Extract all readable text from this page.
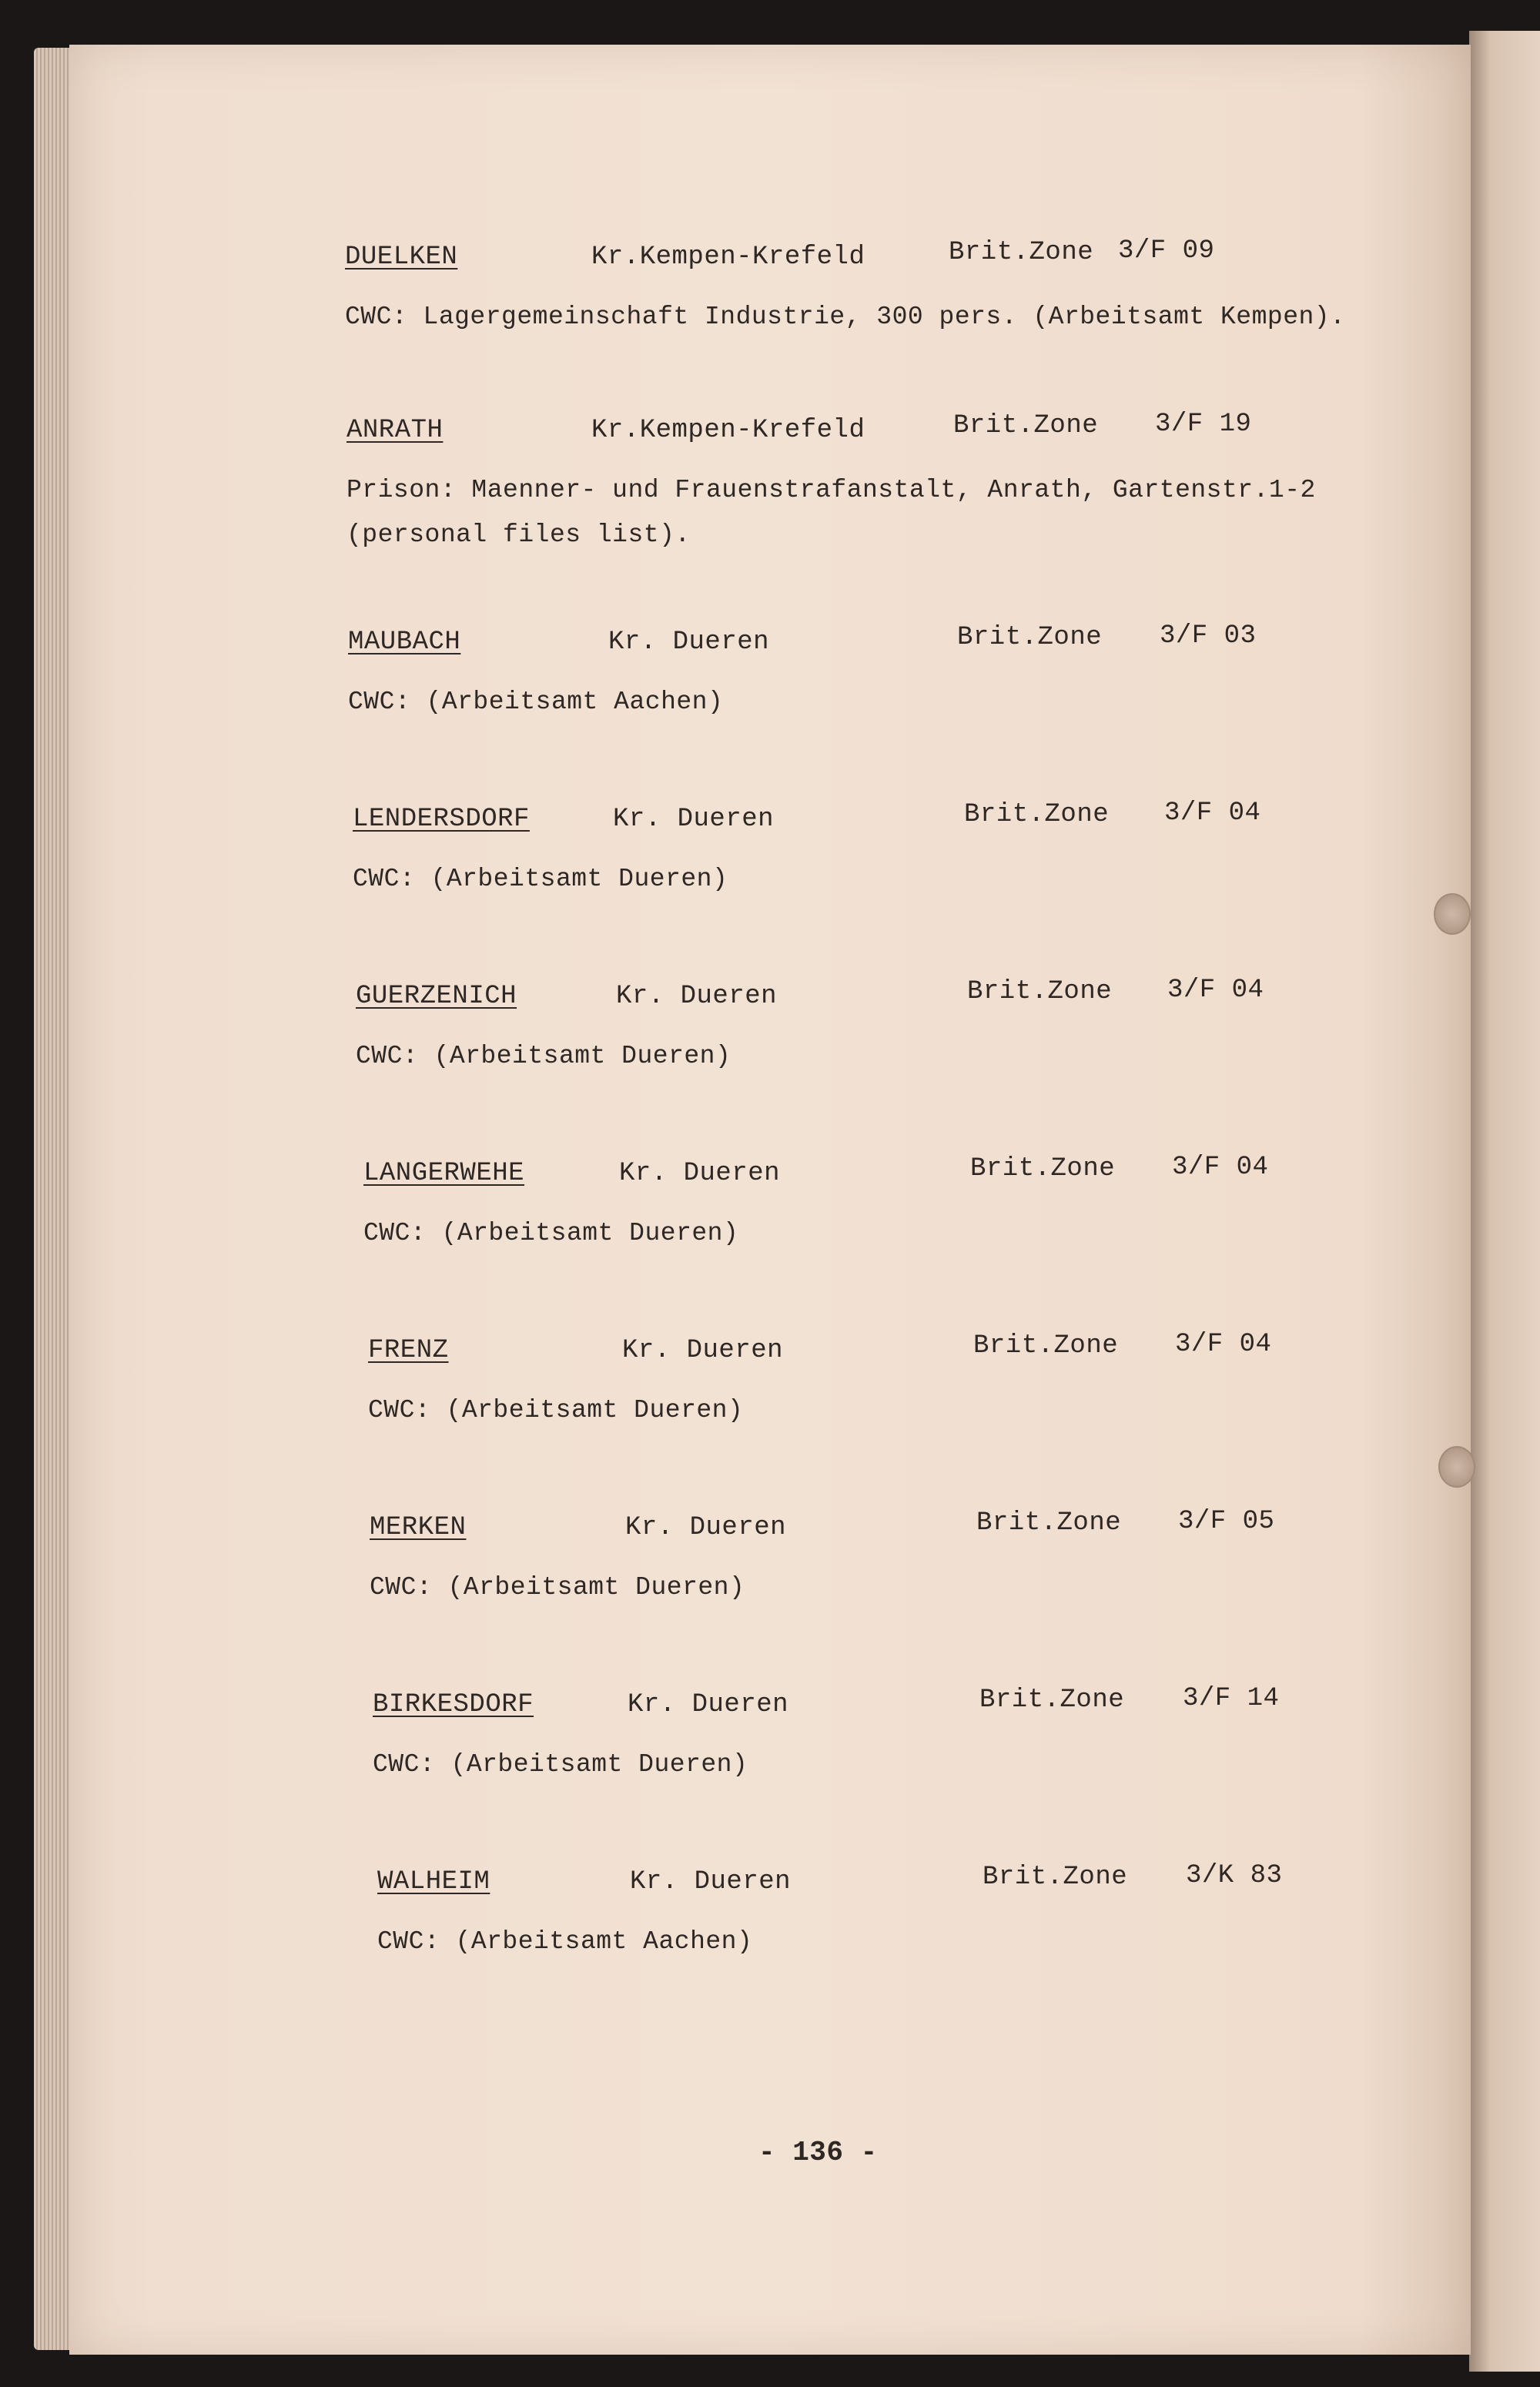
DUELKEN	Kr.Kempen-Krefeld	Brit.Zone 3/F 09
CWC: Lagergemeinschaft Industrie, 300 pers. (Arbeitsamt Kempen).
ANRATH	Kr.Kempen-Krefeld	Brit.Zone 3/F 19
Prison: Maenner- und Frauenstrafanstalt, Anrath, Gartenstr.1-2
(personal files list).
MAUBACH	Kr. Dueren	Brit.Zone 3/F 03
CWC: (Arbeitsamt Aachen)
LENDERSDORF	Kr. Dueren	Brit.Zone 3/F 04
CWC: (Arbeitsamt Dueren)
GUERZENICH	Kr. Dueren	Brit.Zone 3/F 04
CWC: (Arbeitsamt Dueren)
LANGERWEHE	Kr. Dueren	Brit.Zone 3/F 04
CWC: (Arbeitsamt Dueren)
FRENZ	Kr. Dueren	Brit.Zone 3/F 04
CWC: (Arbeitsamt Dueren)
MERKEN	Kr. Dueren	Brit.Zone 3/F 05
CWC: (Arbeitsamt Dueren)
BIRKESDORF	Kr. Dueren	Brit.Zone 3/F 14
CWC: (Arbeitsamt Dueren)
WALHEIM	Kr. Dueren	Brit.Zone 3/K 83
CWC: (Arbeitsamt Aachen)
- 136 -
